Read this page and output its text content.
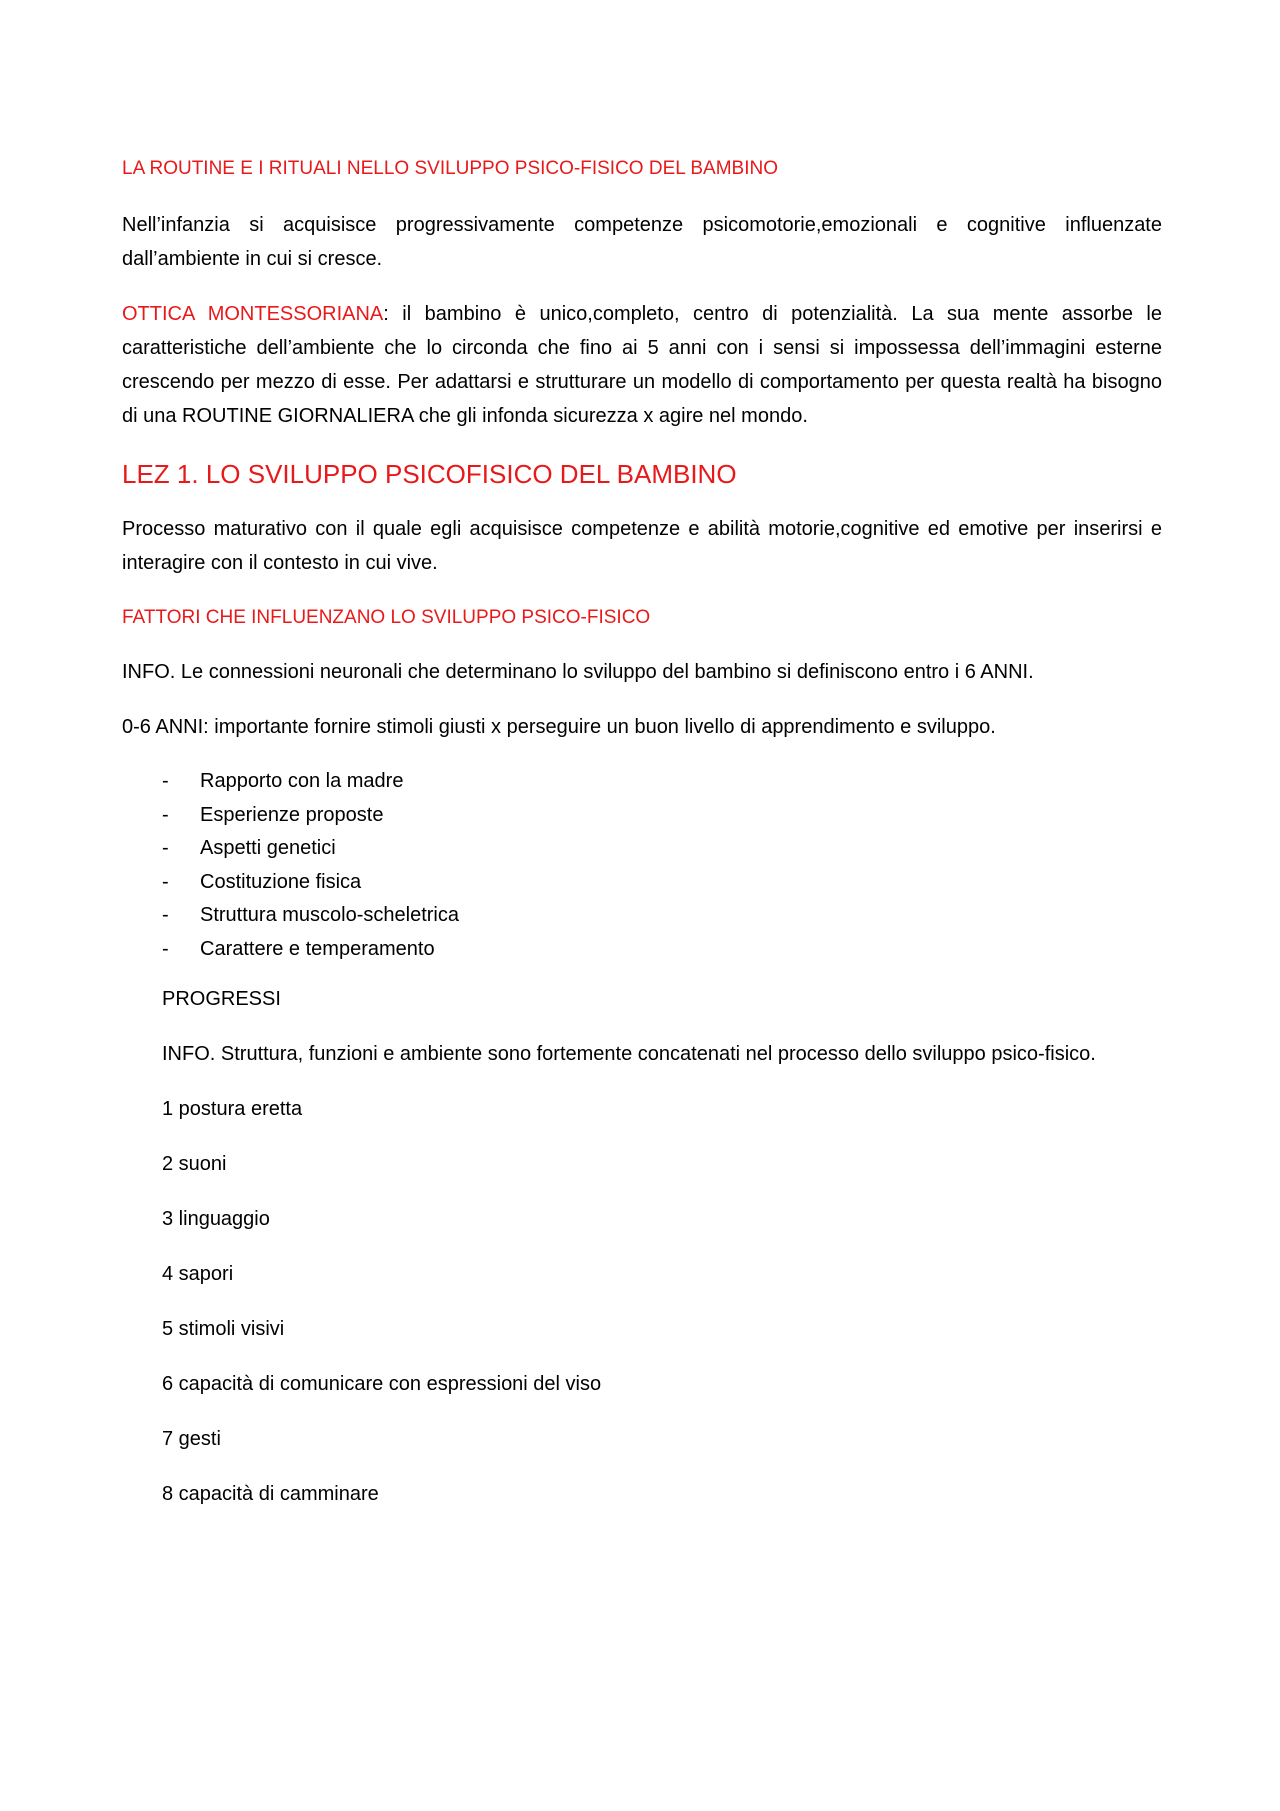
LA ROUTINE E I RITUALI NELLO SVILUPPO PSICO-FISICO DEL BAMBINO

Nell’infanzia si acquisisce progressivamente competenze psicomotorie,emozionali e cognitive influenzate dall’ambiente in cui si cresce.

OTTICA MONTESSORIANA: il bambino è unico,completo, centro di potenzialità. La sua mente assorbe le caratteristiche dell’ambiente che lo circonda che fino ai 5 anni con i sensi si impossessa dell’immagini esterne crescendo per mezzo di esse. Per adattarsi e strutturare un modello di comportamento per questa realtà ha bisogno di una ROUTINE GIORNALIERA che gli infonda sicurezza x agire nel mondo.

LEZ 1. LO SVILUPPO PSICOFISICO DEL BAMBINO

Processo maturativo con il quale egli acquisisce competenze e abilità motorie,cognitive ed emotive per inserirsi e interagire con il contesto in cui vive.

FATTORI CHE INFLUENZANO LO SVILUPPO PSICO-FISICO

INFO. Le connessioni neuronali che determinano lo sviluppo del bambino si definiscono entro i 6 ANNI.

0-6 ANNI: importante fornire stimoli giusti x perseguire un buon livello di apprendimento e sviluppo.

- Rapporto con la madre
- Esperienze proposte
- Aspetti genetici
- Costituzione fisica
- Struttura muscolo-scheletrica
- Carattere e temperamento

PROGRESSI

INFO. Struttura, funzioni e ambiente sono fortemente concatenati nel processo dello sviluppo psico-fisico.

1 postura eretta
2 suoni
3 linguaggio
4 sapori
5 stimoli visivi
6 capacità di comunicare con espressioni del viso
7 gesti
8 capacità di camminare
